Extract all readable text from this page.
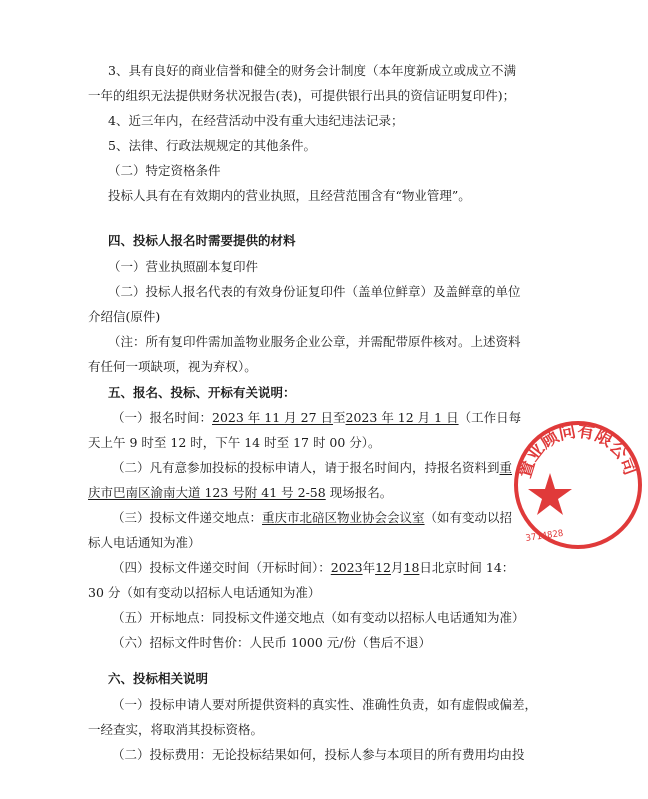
3、具有良好的商业信誉和健全的财务会计制度（本年度新成立或成立不满
一年的组织无法提供财务状况报告(表)，可提供银行出具的资信证明复印件)；
4、近三年内，在经营活动中没有重大违纪违法记录；
5、法律、行政法规规定的其他条件。
（二）特定资格条件
投标人具有在有效期内的营业执照，且经营范围含有“物业管理”。
四、投标人报名时需要提供的材料
（一）营业执照副本复印件
（二）投标人报名代表的有效身份证复印件（盖单位鲜章）及盖鲜章的单位
介绍信(原件)
（注：所有复印件需加盖物业服务企业公章，并需配带原件核对。上述资料
有任何一项缺项，视为弃权）。
五、报名、投标、开标有关说明：
（一）报名时间：2023 年 11 月 27 日至2023 年 12 月 1 日（工作日每
天上午 9 时至 12 时，下午 14 时至 17 时 00 分）。
（二）凡有意参加投标的投标申请人，请于报名时间内，持报名资料到重
庆市巴南区渝南大道 123 号附 41 号 2-58 现场报名。
（三）投标文件递交地点：重庆市北碚区物业协会会议室（如有变动以招
标人电话通知为准）
（四）投标文件递交时间（开标时间）：2023年12月18日北京时间 14：
30 分（如有变动以招标人电话通知为准）
（五）开标地点：同投标文件递交地点（如有变动以招标人电话通知为准）
（六）招标文件时售价：人民币 1000 元/份（售后不退）
六、投标相关说明
（一）投标申请人要对所提供资料的真实性、准确性负责，如有虚假或偏差，
一经查实，将取消其投标资格。
（二）投标费用：无论投标结果如何，投标人参与本项目的所有费用均由投
置业顾问有限公司
3714828
